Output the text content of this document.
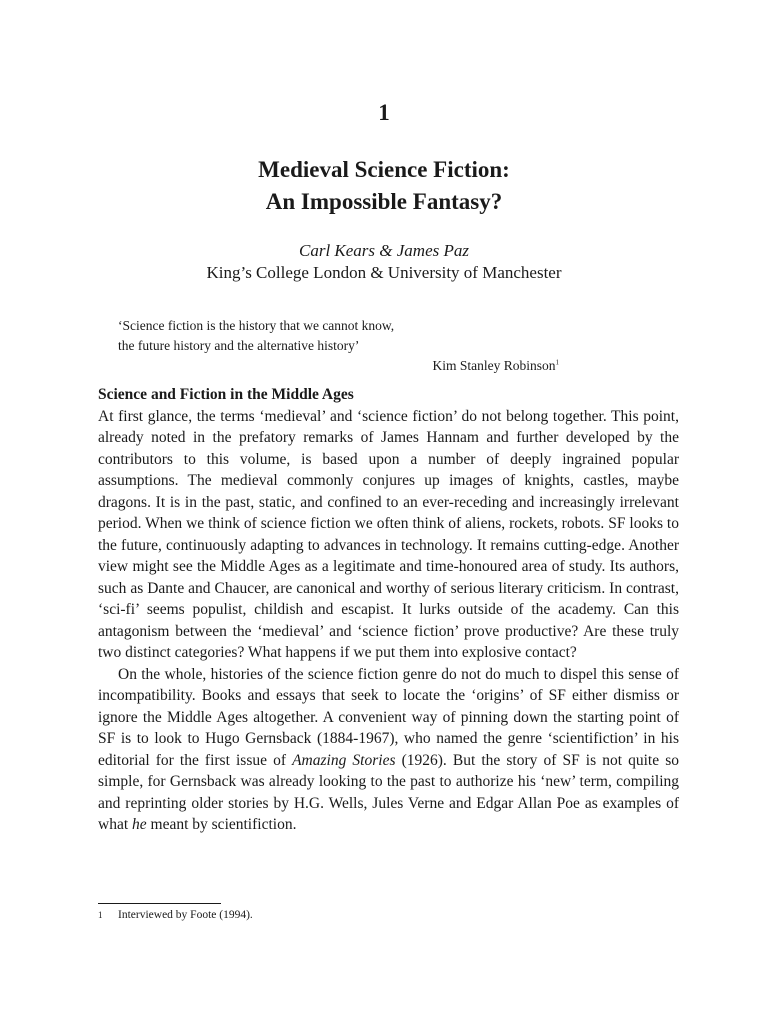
1
Medieval Science Fiction:
An Impossible Fantasy?
Carl Kears & James Paz
King’s College London & University of Manchester
‘Science fiction is the history that we cannot know,
the future history and the alternative history’
Kim Stanley Robinson$^1$
Science and Fiction in the Middle Ages

At first glance, the terms ‘medieval’ and ‘science fiction’ do not belong together. This point, already noted in the prefatory remarks of James Hannam and further developed by the contributors to this volume, is based upon a number of deeply ingrained popular assumptions. The medieval commonly conjures up images of knights, castles, maybe dragons. It is in the past, static, and confined to an ever-receding and increasingly irrelevant period. When we think of science fiction we often think of aliens, rockets, robots. SF looks to the future, continuously adapting to advances in technology. It remains cutting-edge. Another view might see the Middle Ages as a legitimate and time-honoured area of study. Its authors, such as Dante and Chaucer, are canonical and worthy of serious literary criticism. In contrast, ‘sci-fi’ seems populist, childish and escapist. It lurks outside of the academy. Can this antagonism between the ‘medieval’ and ‘science fiction’ prove productive? Are these truly two distinct categories? What happens if we put them into explosive contact?

On the whole, histories of the science fiction genre do not do much to dispel this sense of incompatibility. Books and essays that seek to locate the ‘origins’ of SF either dismiss or ignore the Middle Ages altogether. A convenient way of pinning down the starting point of SF is to look to Hugo Gernsback (1884-1967), who named the genre ‘scientifiction’ in his editorial for the first issue of Amazing Stories (1926). But the story of SF is not quite so simple, for Gernsback was already looking to the past to authorize his ‘new’ term, compiling and reprinting older stories by H.G. Wells, Jules Verne and Edgar Allan Poe as examples of what he meant by scientifiction.

1 Interviewed by Foote (1994).
